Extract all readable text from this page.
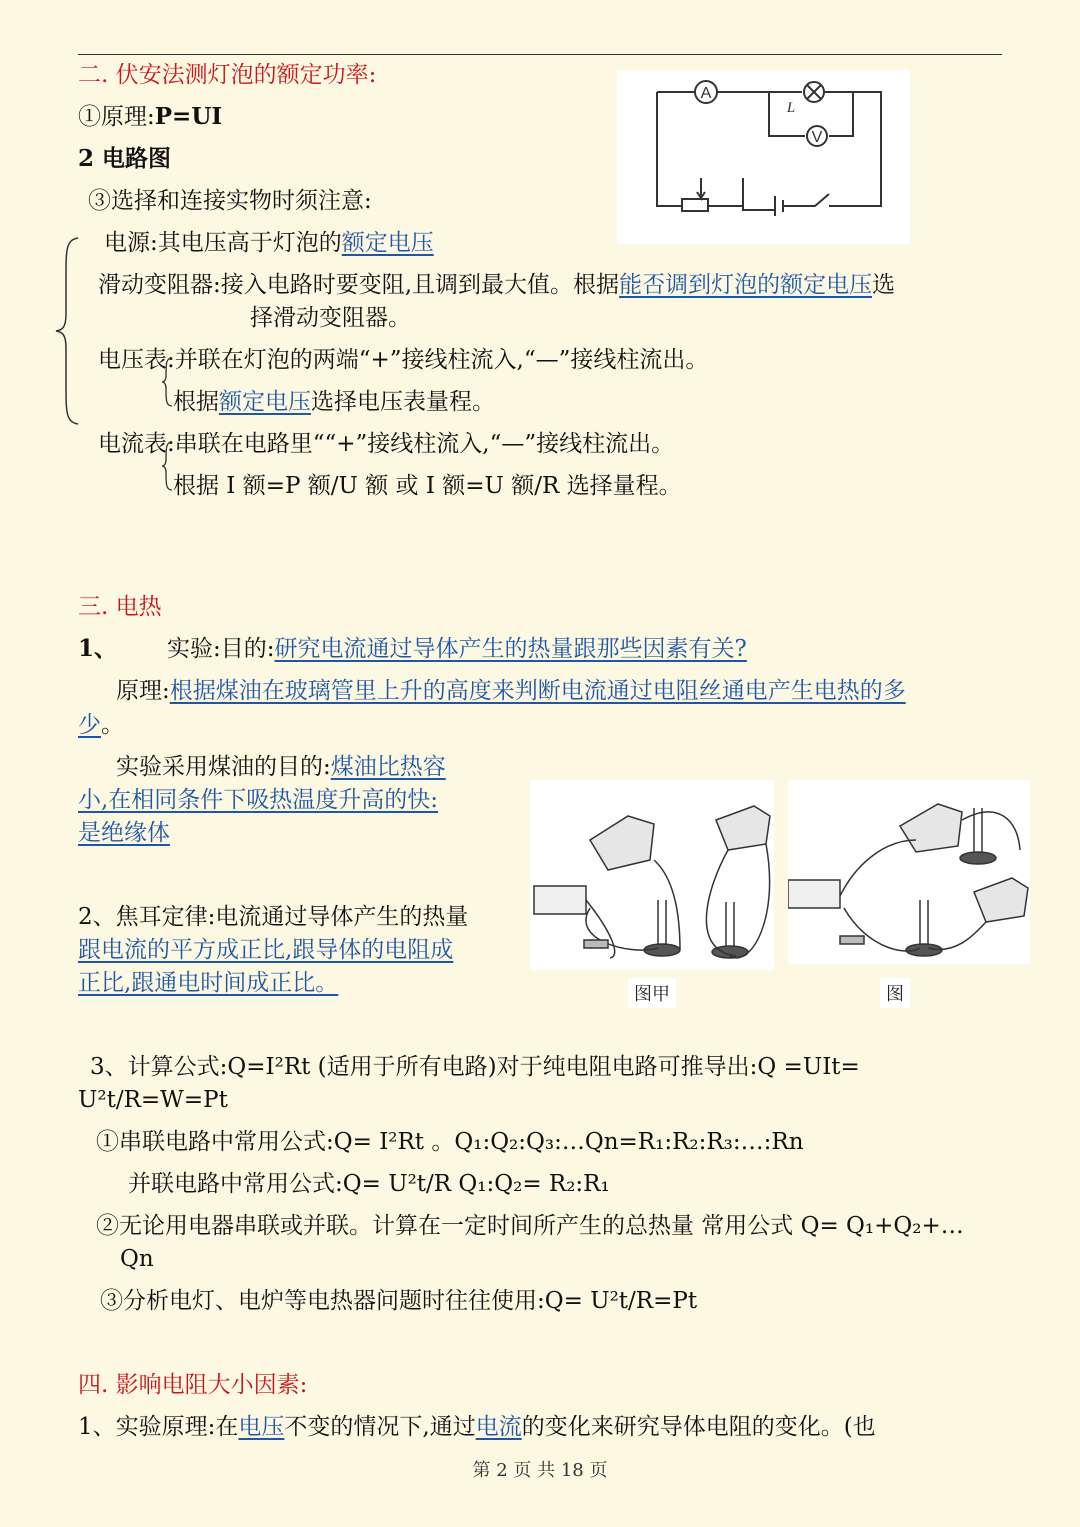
二. 伏安法测灯泡的额定功率:
①原理:P=UI
2 电路图
③选择和连接实物时须注意:
A
L
V
电源:其电压高于灯泡的额定电压
滑动变阻器:接入电路时要变阻,且调到最大值。根据能否调到灯泡的额定电压选
择滑动变阻器。
电压表:并联在灯泡的两端“+”接线柱流入,“—”接线柱流出。
根据额定电压选择电压表量程。
电流表:串联在电路里““+”接线柱流入,“—”接线柱流出。
根据 I 额=P 额/U 额 或 I 额=U 额/R 选择量程。
三. 电热
1、 实验:目的:研究电流通过导体产生的热量跟那些因素有关?
原理:根据煤油在玻璃管里上升的高度来判断电流通过电阻丝通电产生电热的多
少。
实验采用煤油的目的:煤油比热容
小,在相同条件下吸热温度升高的快:
是绝缘体
2、焦耳定律:电流通过导体产生的热量
跟电流的平方成正比,跟导体的电阻成
正比,跟通电时间成正比。	图甲	图
3、计算公式:Q=I²Rt (适用于所有电路)对于纯电阻电路可推导出:Q =UIt=
U²t/R=W=Pt
①串联电路中常用公式:Q= I²Rt 。Q₁:Q₂:Q₃:…Qn=R₁:R₂:R₃:…:Rn
并联电路中常用公式:Q= U²t/R Q₁:Q₂= R₂:R₁
②无论用电器串联或并联。计算在一定时间所产生的总热量 常用公式 Q= Q₁+Q₂+…
Qn
③分析电灯、电炉等电热器问题时往往使用:Q= U²t/R=Pt
四. 影响电阻大小因素:
1、实验原理:在电压不变的情况下,通过电流的变化来研究导体电阻的变化。(也
第 2 页 共 18 页
